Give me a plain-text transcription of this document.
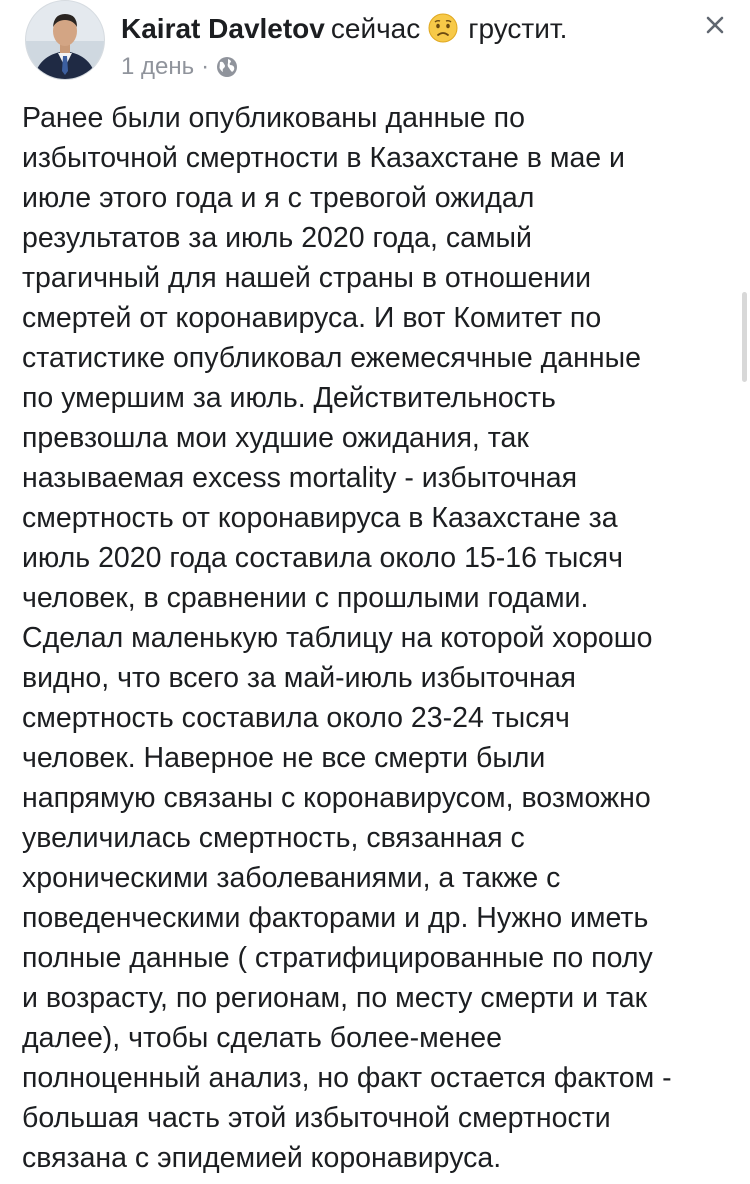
Kairat Davletov сейчас грустит.
1 день ·
Ранее были опубликованы данные по
избыточной смертности в Казахстане в мае и
июле этого года и я с тревогой ожидал
результатов за июль 2020 года, самый
трагичный для нашей страны в отношении
смертей от коронавируса. И вот Комитет по
статистике опубликовал ежемесячные данные
по умершим за июль. Действительность
превзошла мои худшие ожидания, так
называемая excess mortality - избыточная
смертность от коронавируса в Казахстане за
июль 2020 года составила около 15-16 тысяч
человек, в сравнении с прошлыми годами.
Сделал маленькую таблицу на которой хорошо
видно, что всего за май-июль избыточная
смертность составила около 23-24 тысяч
человек. Наверное не все смерти были
напрямую связаны с коронавирусом, возможно
увеличилась смертность, связанная с
хроническими заболеваниями, а также с
поведенческими факторами и др. Нужно иметь
полные данные ( стратифицированные по полу
и возрасту, по регионам, по месту смерти и так
далее), чтобы сделать более-менее
полноценный анализ, но факт остается фактом -
большая часть этой избыточной смертности
связана с эпидемией коронавируса.
